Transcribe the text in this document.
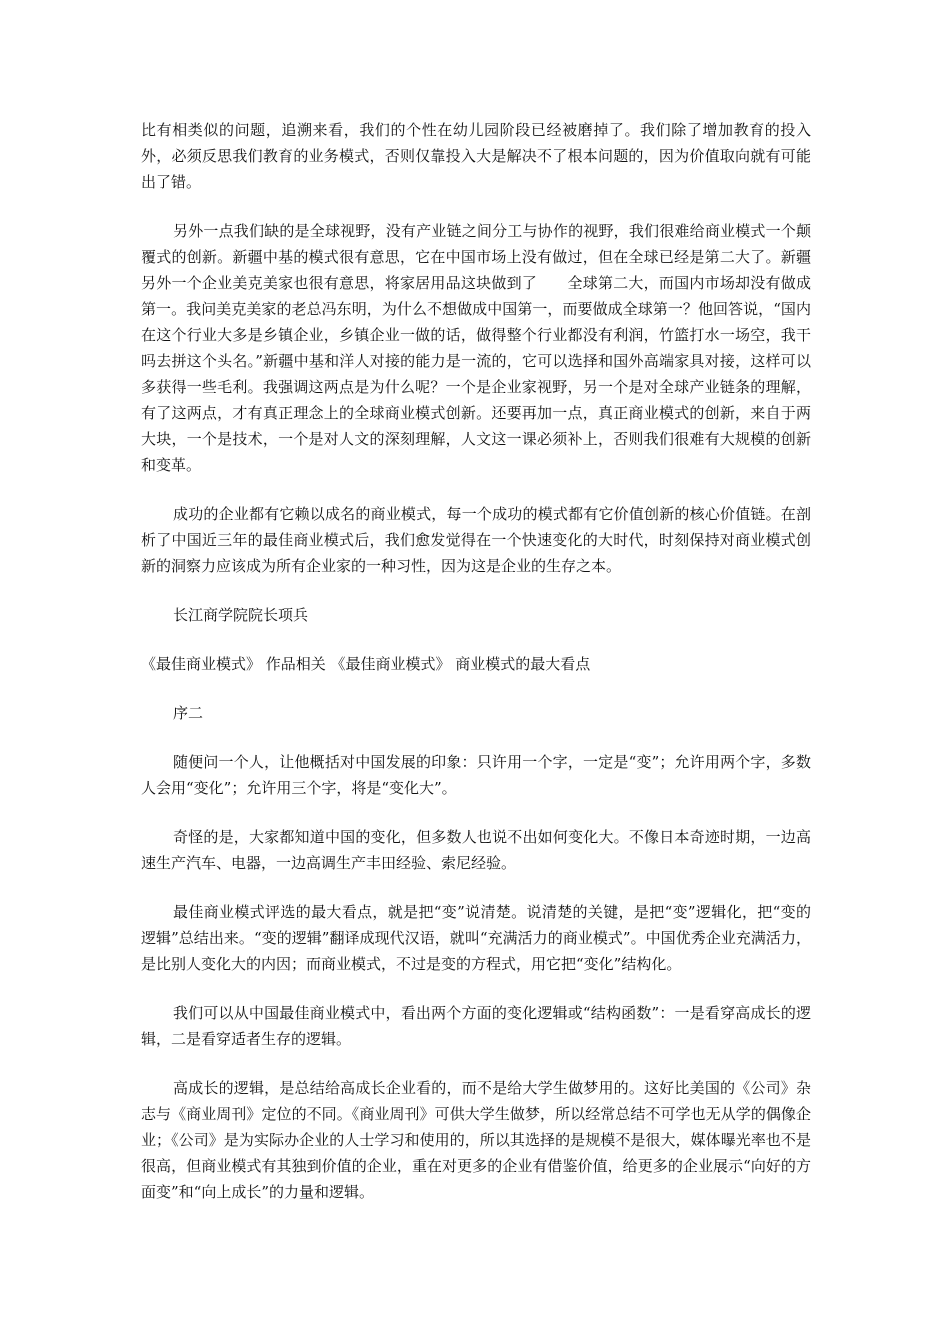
比有相类似的问题，追溯来看，我们的个性在幼儿园阶段已经被磨掉了。我们除了增加教育的投入外，必须反思我们教育的业务模式，否则仅靠投入大是解决不了根本问题的，因为价值取向就有可能出了错。

另外一点我们缺的是全球视野，没有产业链之间分工与协作的视野，我们很难给商业模式一个颠覆式的创新。新疆中基的模式很有意思，它在中国市场上没有做过，但在全球已经是第二大了。新疆另外一个企业美克美家也很有意思，将家居用品这块做到了　　全球第二大，而国内市场却没有做成第一。我问美克美家的老总冯东明，为什么不想做成中国第一，而要做成全球第一？他回答说，“国内在这个行业大多是乡镇企业，乡镇企业一做的话，做得整个行业都没有利润，竹篮打水一场空，我干吗去拼这个头名。”新疆中基和洋人对接的能力是一流的，它可以选择和国外高端家具对接，这样可以多获得一些毛利。我强调这两点是为什么呢？一个是企业家视野，另一个是对全球产业链条的理解，有了这两点，才有真正理念上的全球商业模式创新。还要再加一点，真正商业模式的创新，来自于两大块，一个是技术，一个是对人文的深刻理解，人文这一课必须补上，否则我们很难有大规模的创新和变革。

成功的企业都有它赖以成名的商业模式，每一个成功的模式都有它价值创新的核心价值链。在剖析了中国近三年的最佳商业模式后，我们愈发觉得在一个快速变化的大时代，时刻保持对商业模式创新的洞察力应该成为所有企业家的一种习性，因为这是企业的生存之本。

长江商学院院长项兵

《最佳商业模式》 作品相关 《最佳商业模式》 商业模式的最大看点

序二

随便问一个人，让他概括对中国发展的印象：只许用一个字，一定是“变”；允许用两个字，多数人会用“变化”；允许用三个字，将是“变化大”。

奇怪的是，大家都知道中国的变化，但多数人也说不出如何变化大。不像日本奇迹时期，一边高速生产汽车、电器，一边高调生产丰田经验、索尼经验。

最佳商业模式评选的最大看点，就是把“变”说清楚。说清楚的关键，是把“变”逻辑化，把“变的逻辑”总结出来。“变的逻辑”翻译成现代汉语，就叫“充满活力的商业模式”。中国优秀企业充满活力，是比别人变化大的内因；而商业模式，不过是变的方程式，用它把“变化”结构化。

我们可以从中国最佳商业模式中，看出两个方面的变化逻辑或“结构函数”：一是看穿高成长的逻辑，二是看穿适者生存的逻辑。

高成长的逻辑，是总结给高成长企业看的，而不是给大学生做梦用的。这好比美国的《公司》杂志与《商业周刊》定位的不同。《商业周刊》可供大学生做梦，所以经常总结不可学也无从学的偶像企业；《公司》是为实际办企业的人士学习和使用的，所以其选择的是规模不是很大，媒体曝光率也不是很高，但商业模式有其独到价值的企业，重在对更多的企业有借鉴价值，给更多的企业展示“向好的方面变”和“向上成长”的力量和逻辑。
